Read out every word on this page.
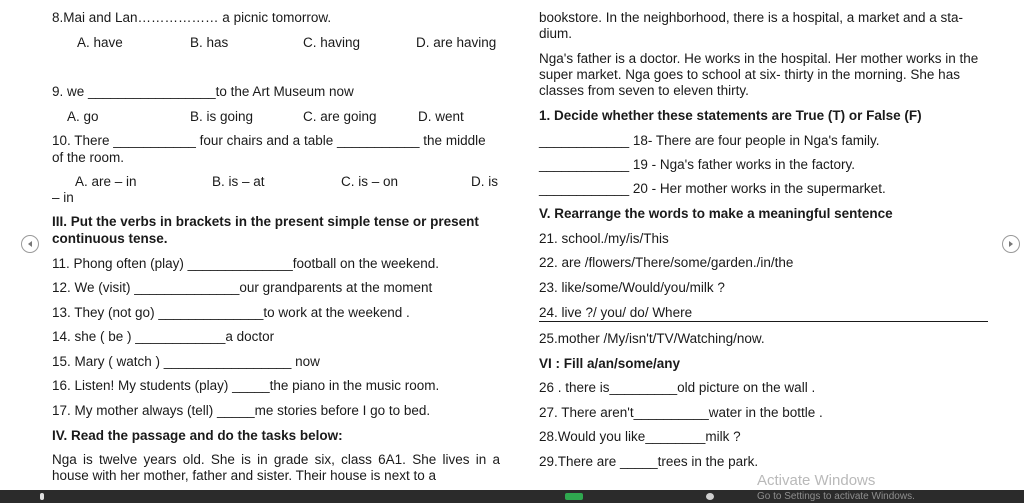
8.Mai and Lan……………… a picnic tomorrow.
A. have	B. has	C. having	D. are having
9. we _________________to the Art Museum now
A. go	B. is going	C. are going	D. went
10. There ___________ four chairs and a table ___________ the middle
of the room.
A. are – in	B. is – at	C. is – on	D. is
– in
III. Put the verbs in brackets in the present simple tense or present
continuous tense.
11. Phong often (play) ______________football on the weekend.
12. We (visit) ______________our grandparents at the moment
13. They (not go) ______________to work at the weekend .
14. she ( be ) ____________a doctor
15. Mary ( watch ) _________________ now
16. Listen! My students (play) _____the piano in the music room.
17. My mother always (tell) _____me stories before I go to bed.
IV. Read the passage and do the tasks below:
Nga is twelve years old. She is in grade six, class 6A1. She lives in a house with her mother, father and sister. Their house is next to a
bookstore. In the neighborhood, there is a hospital, a market and a sta-
dium.
Nga's father is a doctor. He works in the hospital. Her mother works in the
super market. Nga goes to school at six- thirty in the morning. She has
classes from seven to eleven thirty.
1. Decide whether these statements are True (T) or False (F)
____________ 18- There are four people in Nga's family.
____________ 19 - Nga's father works in the factory.
____________ 20 - Her mother works in the supermarket.
V. Rearrange the words to make a meaningful sentence
21. school./my/is/This
22. are /flowers/There/some/garden./in/the
23. like/some/Would/you/milk ?
24. live ?/ you/ do/ Where
25.mother /My/isn't/TV/Watching/now.
VI : Fill a/an/some/any
26 . there is_________old picture on the wall .
27. There aren't__________water in the bottle .
28.Would you like________milk ?
29.There are _____trees in the park.
Activate Windows
Go to Settings to activate Windows.
